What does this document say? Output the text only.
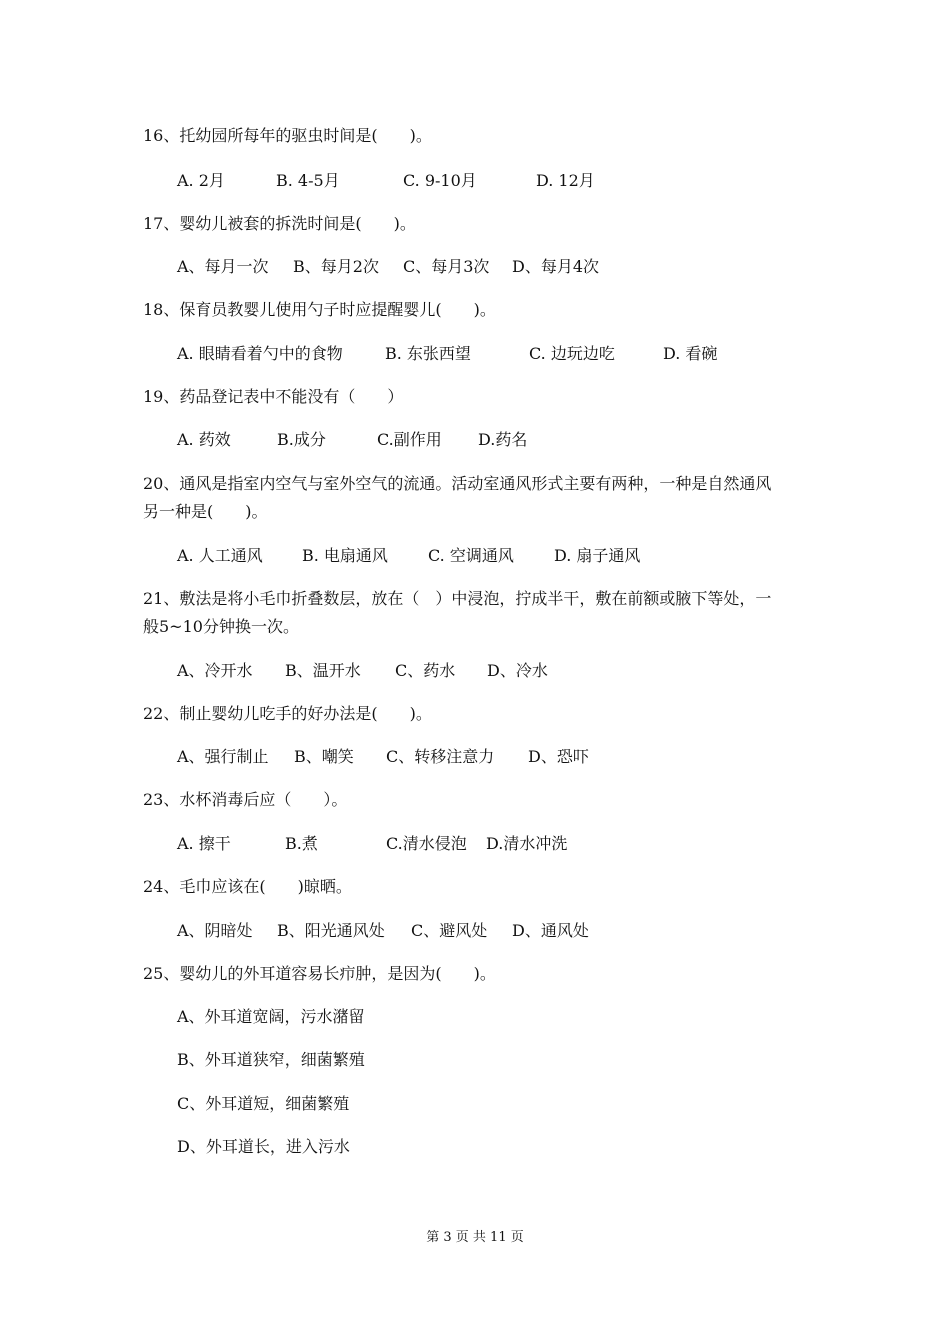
16、托幼园所每年的驱虫时间是(　　)。

A. 2月

	B. 4-5月

	C. 9-10月

	D. 12月

17、婴幼儿被套的拆洗时间是(　　)。

A、每月一次

B、每月2次

C、每月3次

D、每月4次

18、保育员教婴儿使用勺子时应提醒婴儿(　　)。

A. 眼睛看着勺中的食物

	B. 东张西望

	C. 边玩边吃

	D. 看碗

19、药品登记表中不能没有（　　）

A. 药效

	B.成分

	C.副作用

D.药名

20、通风是指室内空气与室外空气的流通。活动室通风形式主要有两种，一种是自然通风
另一种是(　　)。

A. 人工通风

B. 电扇通风

	C. 空调通风

	D. 扇子通风

21、敷法是将小毛巾折叠数层，放在（　）中浸泡，拧成半干，敷在前额或腋下等处，一
般5~10分钟换一次。

A、冷开水

B、温开水

C、药水

D、冷水

22、制止婴幼儿吃手的好办法是(　　)。

A、强行制止

B、嘲笑

C、转移注意力

D、恐吓

23、水杯消毒后应（　　）。

A. 擦干

	B.煮

	C.清水侵泡

D.清水冲洗

24、毛巾应该在(　　)晾晒。

A、阴暗处

B、阳光通风处

C、避风处

D、通风处

25、婴幼儿的外耳道容易长疖肿，是因为(　　)。
A、外耳道宽阔，污水潴留
B、外耳道狭窄，细菌繁殖
C、外耳道短，细菌繁殖
D、外耳道长，进入污水
第 3 页 共 11 页
